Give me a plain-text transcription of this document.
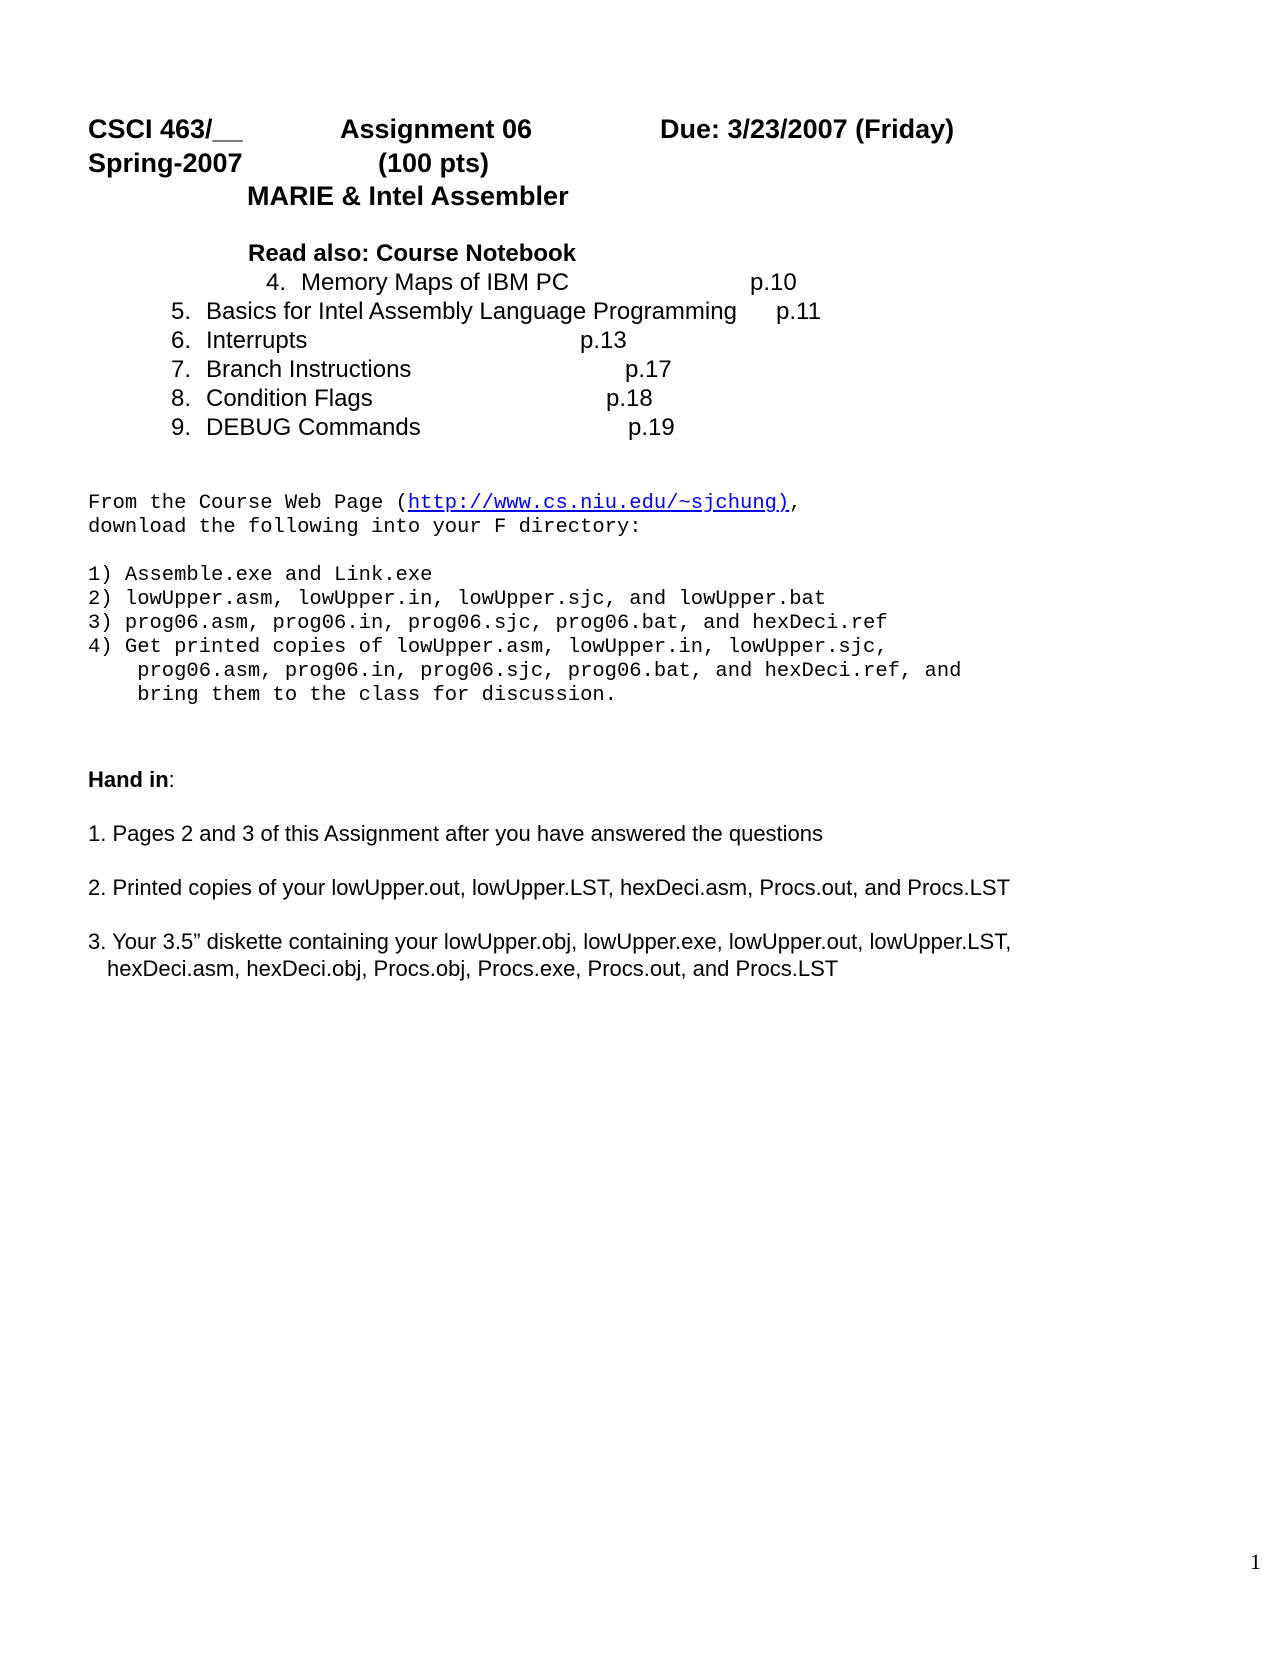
CSCI 463/__	Assignment 06	Due: 3/23/2007 (Friday)
Spring-2007	(100 pts)
MARIE & Intel Assembler
Read also: Course Notebook
4. Memory Maps of IBM PC	p.10
5. Basics for Intel Assembly Language Programming p.11
6. Interrupts	p.13
7. Branch Instructions	p.17
8. Condition Flags	p.18
9. DEBUG Commands	p.19
From the Course Web Page (http://www.cs.niu.edu/~sjchung),
download the following into your F directory:
1) Assemble.exe and Link.exe
2) lowUpper.asm, lowUpper.in, lowUpper.sjc, and lowUpper.bat
3) prog06.asm, prog06.in, prog06.sjc, prog06.bat, and hexDeci.ref
4) Get printed copies of lowUpper.asm, lowUpper.in, lowUpper.sjc,
prog06.asm, prog06.in, prog06.sjc, prog06.bat, and hexDeci.ref, and
bring them to the class for discussion.
Hand in:
1. Pages 2 and 3 of this Assignment after you have answered the questions
2. Printed copies of your lowUpper.out, lowUpper.LST, hexDeci.asm, Procs.out, and Procs.LST
3. Your 3.5” diskette containing your lowUpper.obj, lowUpper.exe, lowUpper.out, lowUpper.LST,
hexDeci.asm, hexDeci.obj, Procs.obj, Procs.exe, Procs.out, and Procs.LST
1
